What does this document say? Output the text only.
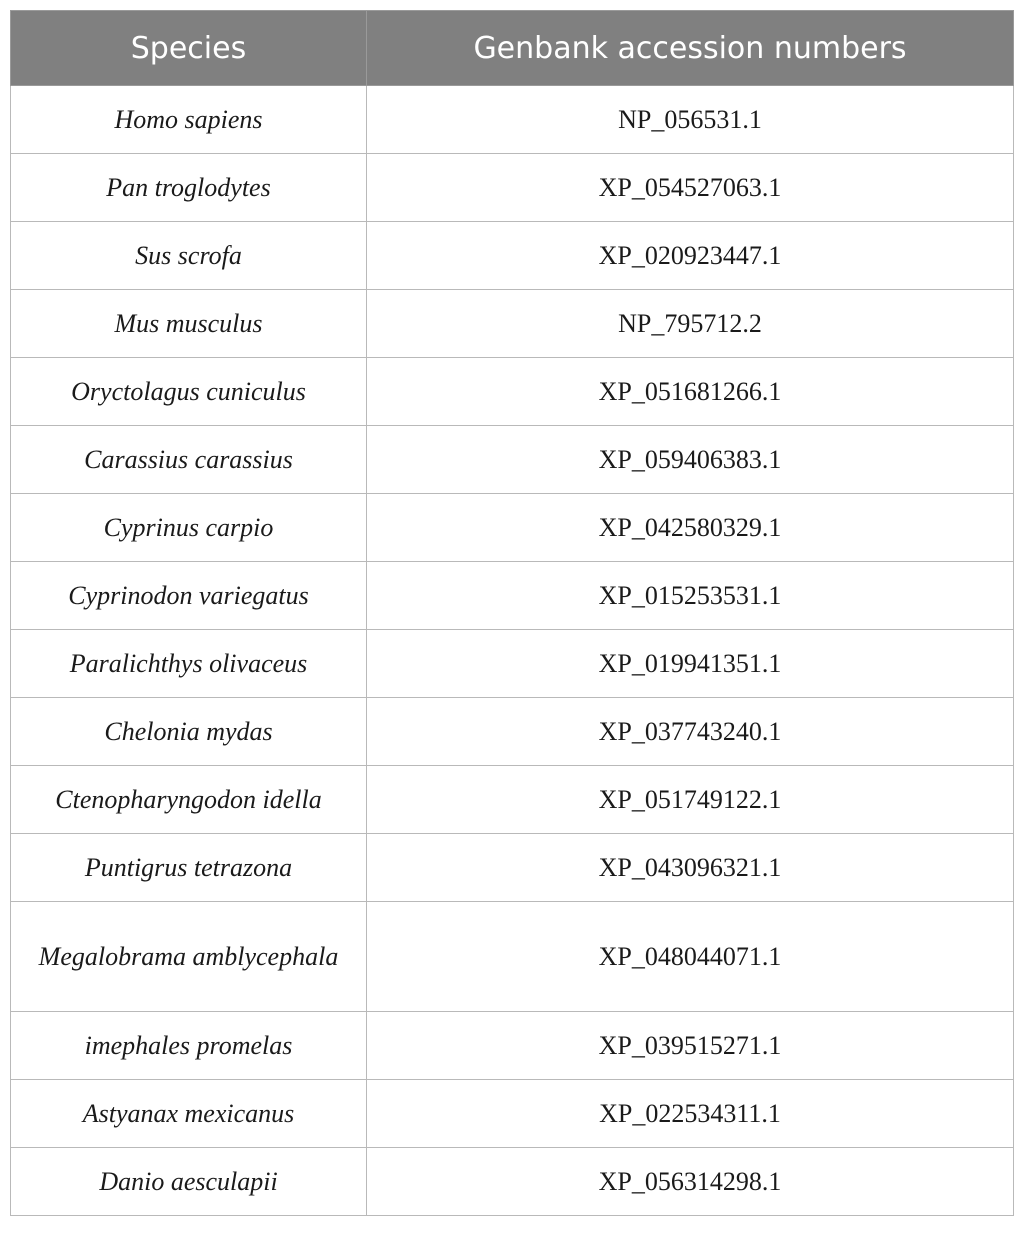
Species	Genbank accession numbers
Homo sapiens	NP_056531.1
Pan troglodytes	XP_054527063.1
Sus scrofa	XP_020923447.1
Mus musculus	NP_795712.2
Oryctolagus cuniculus	XP_051681266.1
Carassius carassius	XP_059406383.1
Cyprinus carpio	XP_042580329.1
Cyprinodon variegatus	XP_015253531.1
Paralichthys olivaceus	XP_019941351.1
Chelonia mydas	XP_037743240.1
Ctenopharyngodon idella	XP_051749122.1
Puntigrus tetrazona	XP_043096321.1
Megalobrama amblycephala	XP_048044071.1
imephales promelas	XP_039515271.1
Astyanax mexicanus	XP_022534311.1
Danio aesculapii	XP_056314298.1
